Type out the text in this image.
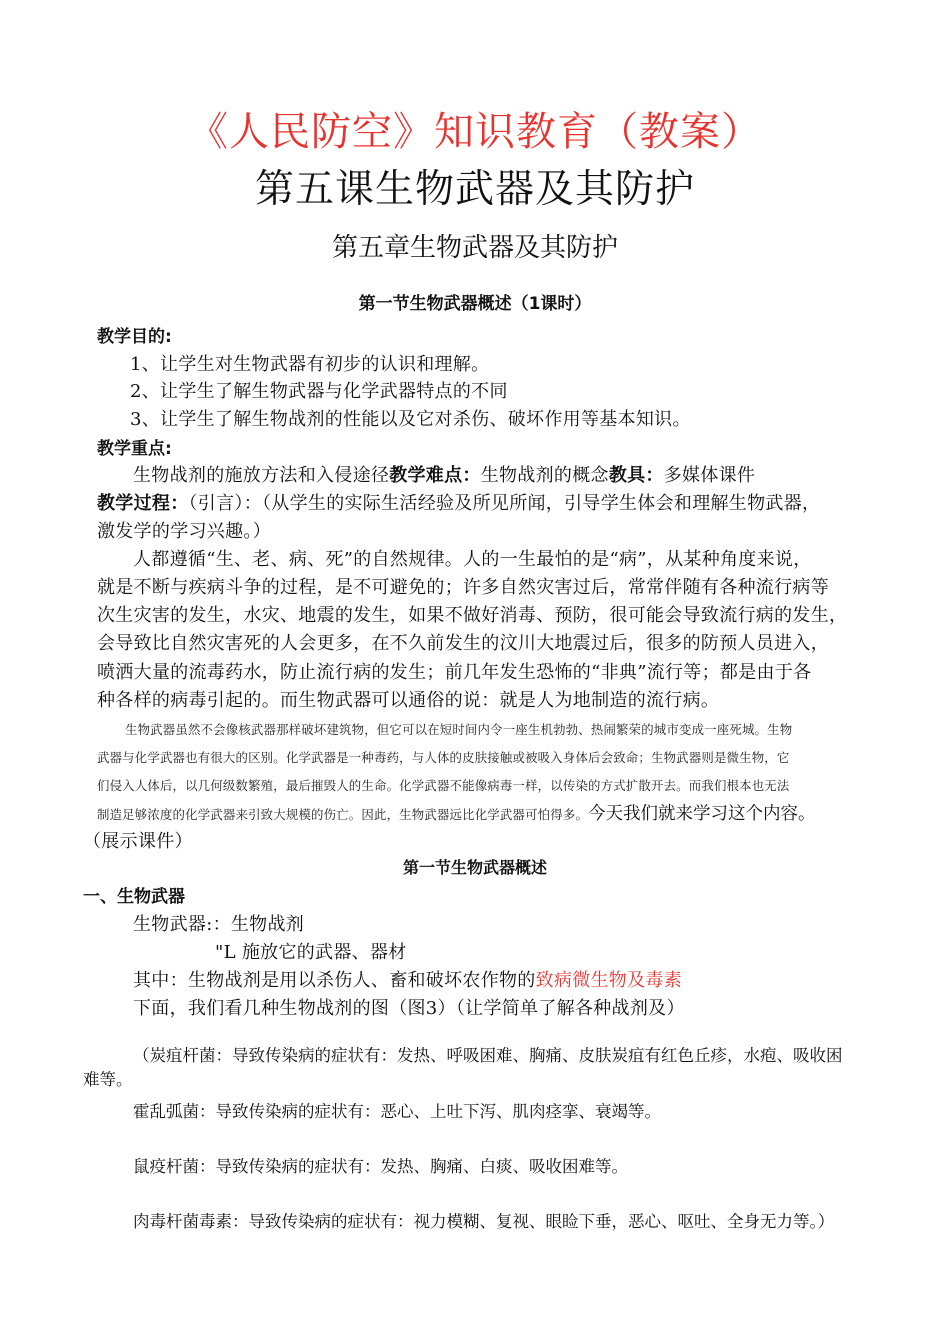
《人民防空》知识教育（教案）
第五课生物武器及其防护
第五章生物武器及其防护
第一节生物武器概述（1课时）
教学目的:
1、让学生对生物武器有初步的认识和理解。
2、让学生了解生物武器与化学武器特点的不同
3、让学生了解生物战剂的性能以及它对杀伤、破坏作用等基本知识。
教学重点:
生物战剂的施放方法和入侵途径教学难点：生物战剂的概念教具：多媒体课件
教学过程：（引言）：（从学生的实际生活经验及所见所闻，引导学生体会和理解生物武器，
激发学的学习兴趣。）
人都遵循“生、老、病、死”的自然规律。人的一生最怕的是“病”，从某种角度来说，
就是不断与疾病斗争的过程，是不可避免的；许多自然灾害过后，常常伴随有各种流行病等
次生灾害的发生，水灾、地震的发生，如果不做好消毒、预防，很可能会导致流行病的发生，
会导致比自然灾害死的人会更多，在不久前发生的汶川大地震过后，很多的防预人员进入，
喷洒大量的流毒药水，防止流行病的发生；前几年发生恐怖的“非典”流行等；都是由于各
种各样的病毒引起的。而生物武器可以通俗的说：就是人为地制造的流行病。
生物武器虽然不会像核武器那样破坏建筑物，但它可以在短时间内令一座生机勃勃、热闹繁荣的城市变成一座死城。生物
武器与化学武器也有很大的区别。化学武器是一种毒药，与人体的皮肤接触或被吸入身体后会致命；生物武器则是微生物，它
们侵入人体后，以几何级数繁殖，最后摧毁人的生命。化学武器不能像病毒一样，以传染的方式扩散开去。而我们根本也无法
制造足够浓度的化学武器来引致大规模的伤亡。因此，生物武器远比化学武器可怕得多。今天我们就来学习这个内容。
（展示课件）
第一节生物武器概述
一、生物武器
生物武器:：生物战剂
"L 施放它的武器、器材
其中：生物战剂是用以杀伤人、畜和破坏农作物的致病微生物及毒素
下面，我们看几种生物战剂的图（图3）（让学简单了解各种战剂及）
（炭疽杆菌：导致传染病的症状有：发热、呼吸困难、胸痛、皮肤炭疽有红色丘疹，水疱、吸收困
难等。
霍乱弧菌：导致传染病的症状有：恶心、上吐下泻、肌肉痉挛、衰竭等。
鼠疫杆菌：导致传染病的症状有：发热、胸痛、白痰、吸收困难等。
肉毒杆菌毒素：导致传染病的症状有：视力模糊、复视、眼睑下垂，恶心、呕吐、全身无力等。）
